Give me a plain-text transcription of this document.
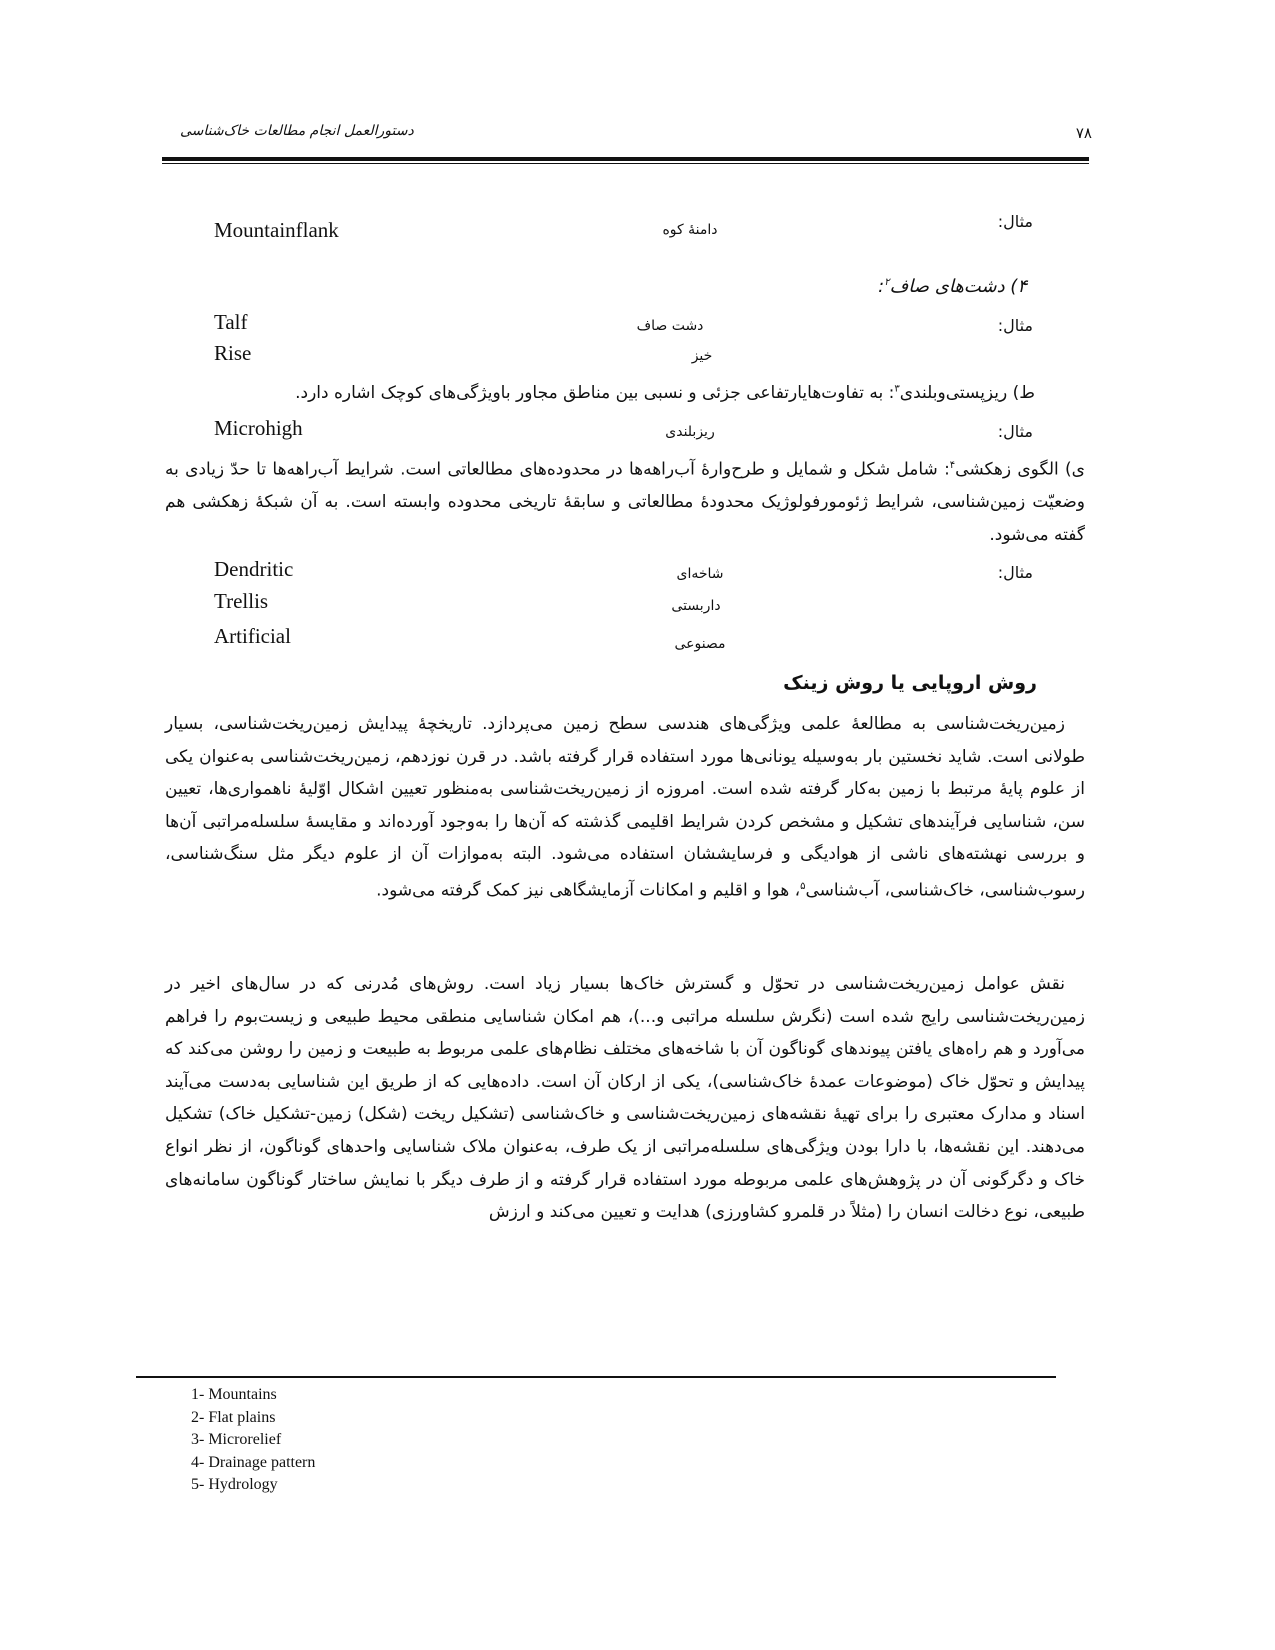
دستورالعمل انجام مطالعات خاک‌شناسی	۷۸
Mountainflank	دامنهٔ کوه	مثال:
۴) دشت‌های صاف$^۲$:
Talf	دشت صاف	مثال:
Rise	خیز
ط) ریزپستی‌وبلندی$^۳$: به تفاوت‌هایارتفاعی جزئی و نسبی بین مناطق مجاور باویژگی‌های کوچک اشاره دارد.
Microhigh	ریزبلندی	مثال:
ی) الگوی زهکشی$^۴$: شامل شکل و شمایل و طرح‌وارهٔ آب‌راهه‌ها در محدوده‌های مطالعاتی است. شرایط آب‌راهه‌ها تا حدّ زیادی به وضعیّت زمین‌شناسی، شرایط ژئومورفولوژیک محدودهٔ مطالعاتی و سابقهٔ تاریخی محدوده وابسته است. به آن شبکهٔ زهکشی هم گفته می‌شود.
Dendritic	شاخه‌ای	مثال:
Trellis	داربستی
Artificial	مصنوعی
روش اروپایی یا روش زینک
زمین‌ریخت‌شناسی به مطالعهٔ علمی ویژگی‌های هندسی سطح زمین می‌پردازد. تاریخچهٔ پیدایش زمین‌ریخت‌شناسی، بسیار طولانی است. شاید نخستین بار به‌وسیله یونانی‌ها مورد استفاده قرار گرفته باشد. در قرن نوزدهم، زمین‌ریخت‌شناسی به‌عنوان یکی از علوم پایهٔ مرتبط با زمین به‌کار گرفته شده است. امروزه از زمین‌ریخت‌شناسی به‌منظور تعیین اشکال اوّلیهٔ ناهمواری‌ها، تعیین سن، شناسایی فرآیندهای تشکیل و مشخص کردن شرایط اقلیمی گذشته که آن‌ها را به‌وجود آورده‌اند و مقایسهٔ سلسله‌مراتبی آن‌ها و بررسی نهشته‌های ناشی از هوادیگی و فرسایششان استفاده می‌شود. البته به‌موازات آن از علوم دیگر مثل سنگ‌شناسی، رسوب‌شناسی، خاک‌شناسی، آب‌شناسی$^۵$، هوا و اقلیم و امکانات آزمایشگاهی نیز کمک گرفته می‌شود.
نقش عوامل زمین‌ریخت‌شناسی در تحوّل و گسترش خاک‌ها بسیار زیاد است. روش‌های مُدرنی که در سال‌های اخیر در زمین‌ریخت‌شناسی رایج شده است (نگرش سلسله مراتبی و...)، هم امکان شناسایی منطقی محیط طبیعی و زیست‌بوم را فراهم می‌آورد و هم راه‌های یافتن پیوندهای گوناگون آن با شاخه‌های مختلف نظام‌های علمی مربوط به طبیعت و زمین را روشن می‌کند که پیدایش و تحوّل خاک (موضوعات عمدهٔ خاک‌شناسی)، یکی از ارکان آن است. داده‌هایی که از طریق این شناسایی به‌دست می‌آیند اسناد و مدارک معتبری را برای تهیهٔ نقشه‌های زمین‌ریخت‌شناسی و خاک‌شناسی (تشکیل ریخت (شکل) زمین-تشکیل خاک) تشکیل می‌دهند. این نقشه‌ها، با دارا بودن ویژگی‌های سلسله‌مراتبی از یک طرف، به‌عنوان ملاک شناسایی واحدهای گوناگون، از نظر انواع خاک و دگرگونی آن در پژوهش‌های علمی مربوطه مورد استفاده قرار گرفته و از طرف دیگر با نمایش ساختار گوناگون سامانه‌های طبیعی، نوع دخالت انسان را (مثلاً در قلمرو کشاورزی) هدایت و تعیین می‌کند و ارزش
1- Mountains
2- Flat plains
3- Microrelief
4- Drainage pattern
5- Hydrology
